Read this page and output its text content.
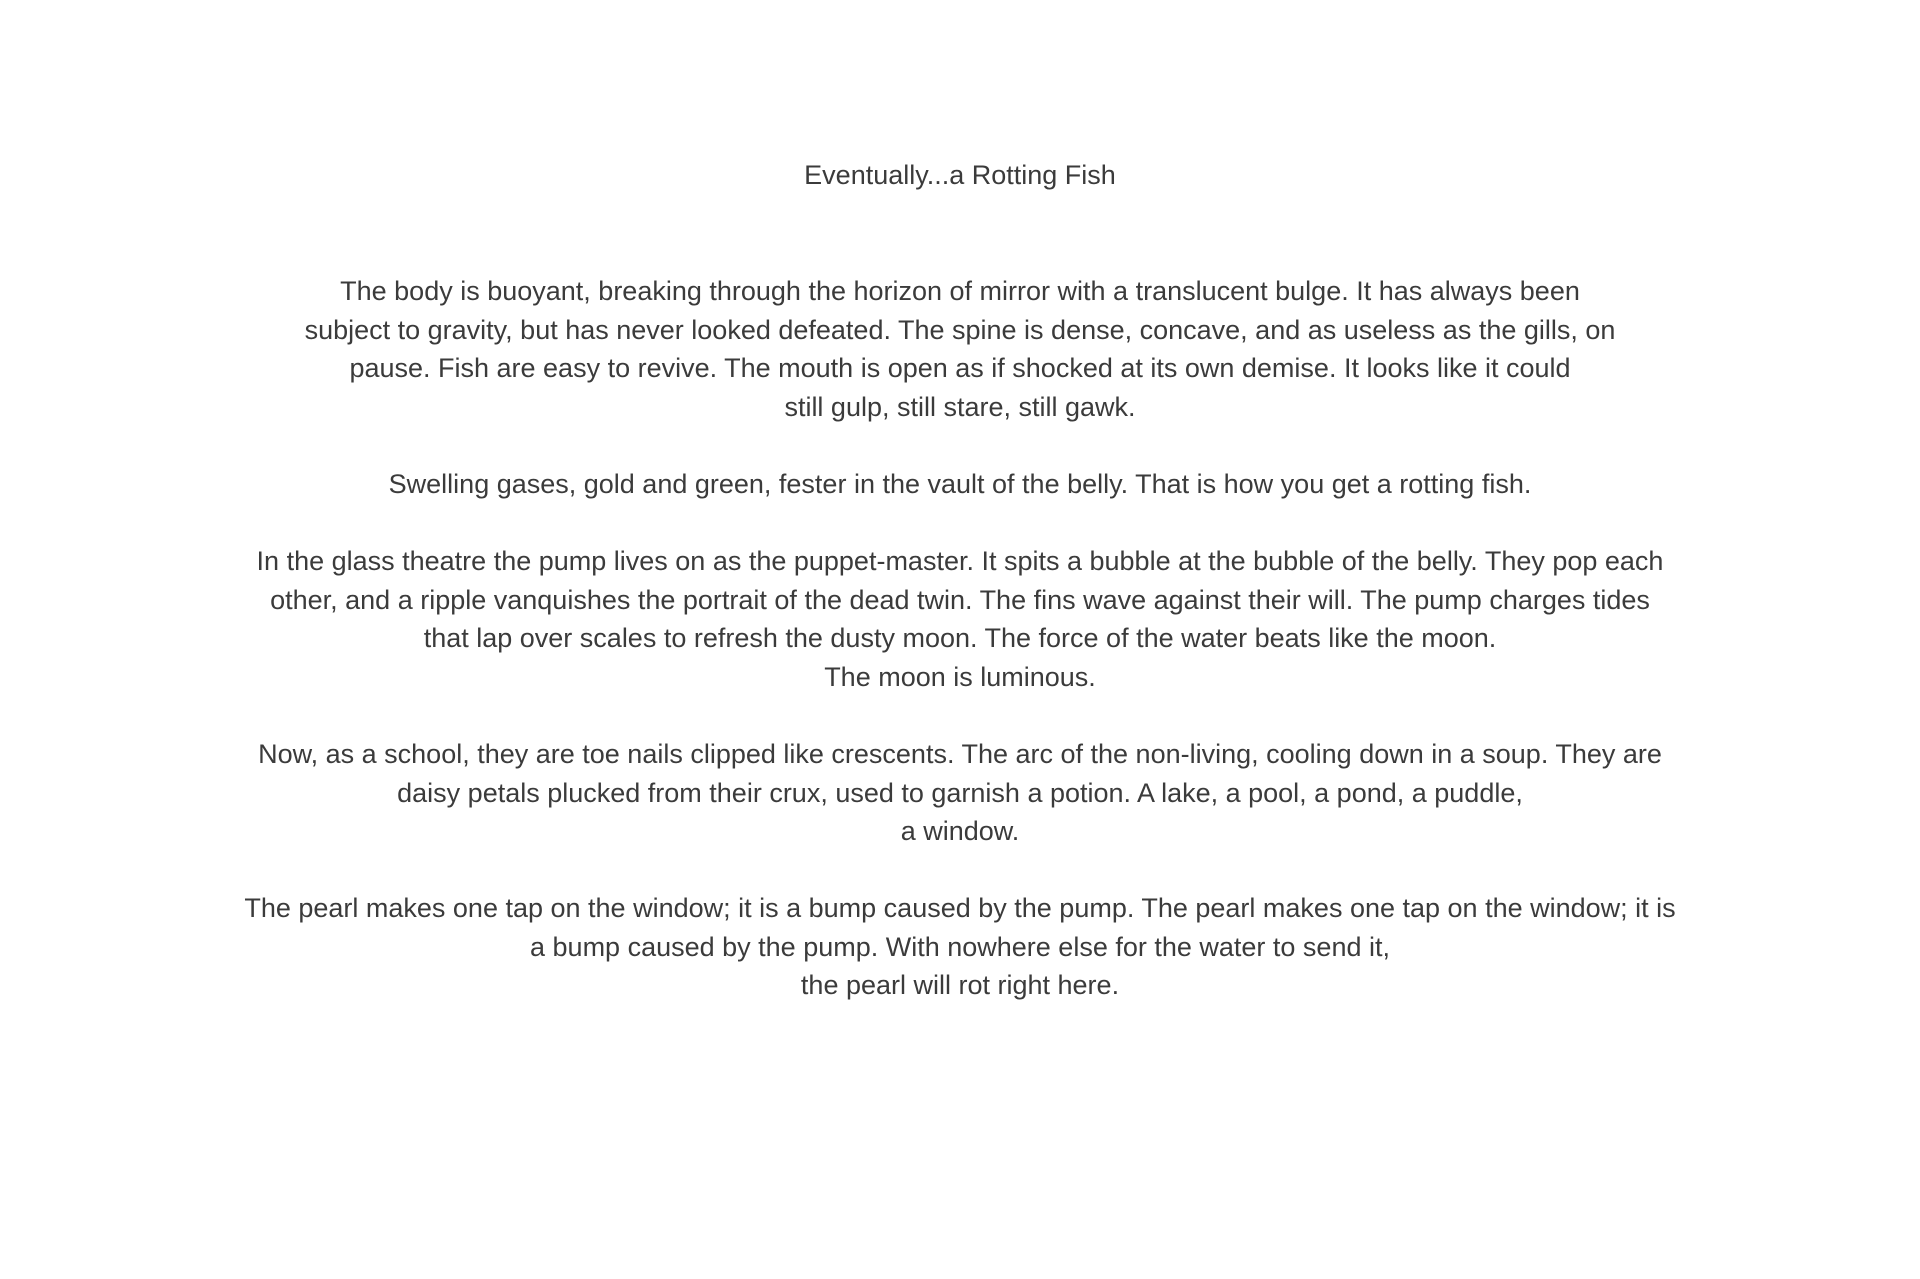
Eventually...a Rotting Fish

The body is buoyant, breaking through the horizon of mirror with a translucent bulge. It has always been
subject to gravity, but has never looked defeated. The spine is dense, concave, and as useless as the gills, on
pause. Fish are easy to revive. The mouth is open as if shocked at its own demise. It looks like it could
still gulp, still stare, still gawk.

Swelling gases, gold and green, fester in the vault of the belly. That is how you get a rotting fish.

In the glass theatre the pump lives on as the puppet-master. It spits a bubble at the bubble of the belly. They pop each
other, and a ripple vanquishes the portrait of the dead twin. The fins wave against their will. The pump charges tides
that lap over scales to refresh the dusty moon. The force of the water beats like the moon.
The moon is luminous.

Now, as a school, they are toe nails clipped like crescents. The arc of the non-living, cooling down in a soup. They are
daisy petals plucked from their crux, used to garnish a potion. A lake, a pool, a pond, a puddle,
a window.

The pearl makes one tap on the window; it is a bump caused by the pump. The pearl makes one tap on the window; it is
a bump caused by the pump. With nowhere else for the water to send it,
the pearl will rot right here.
